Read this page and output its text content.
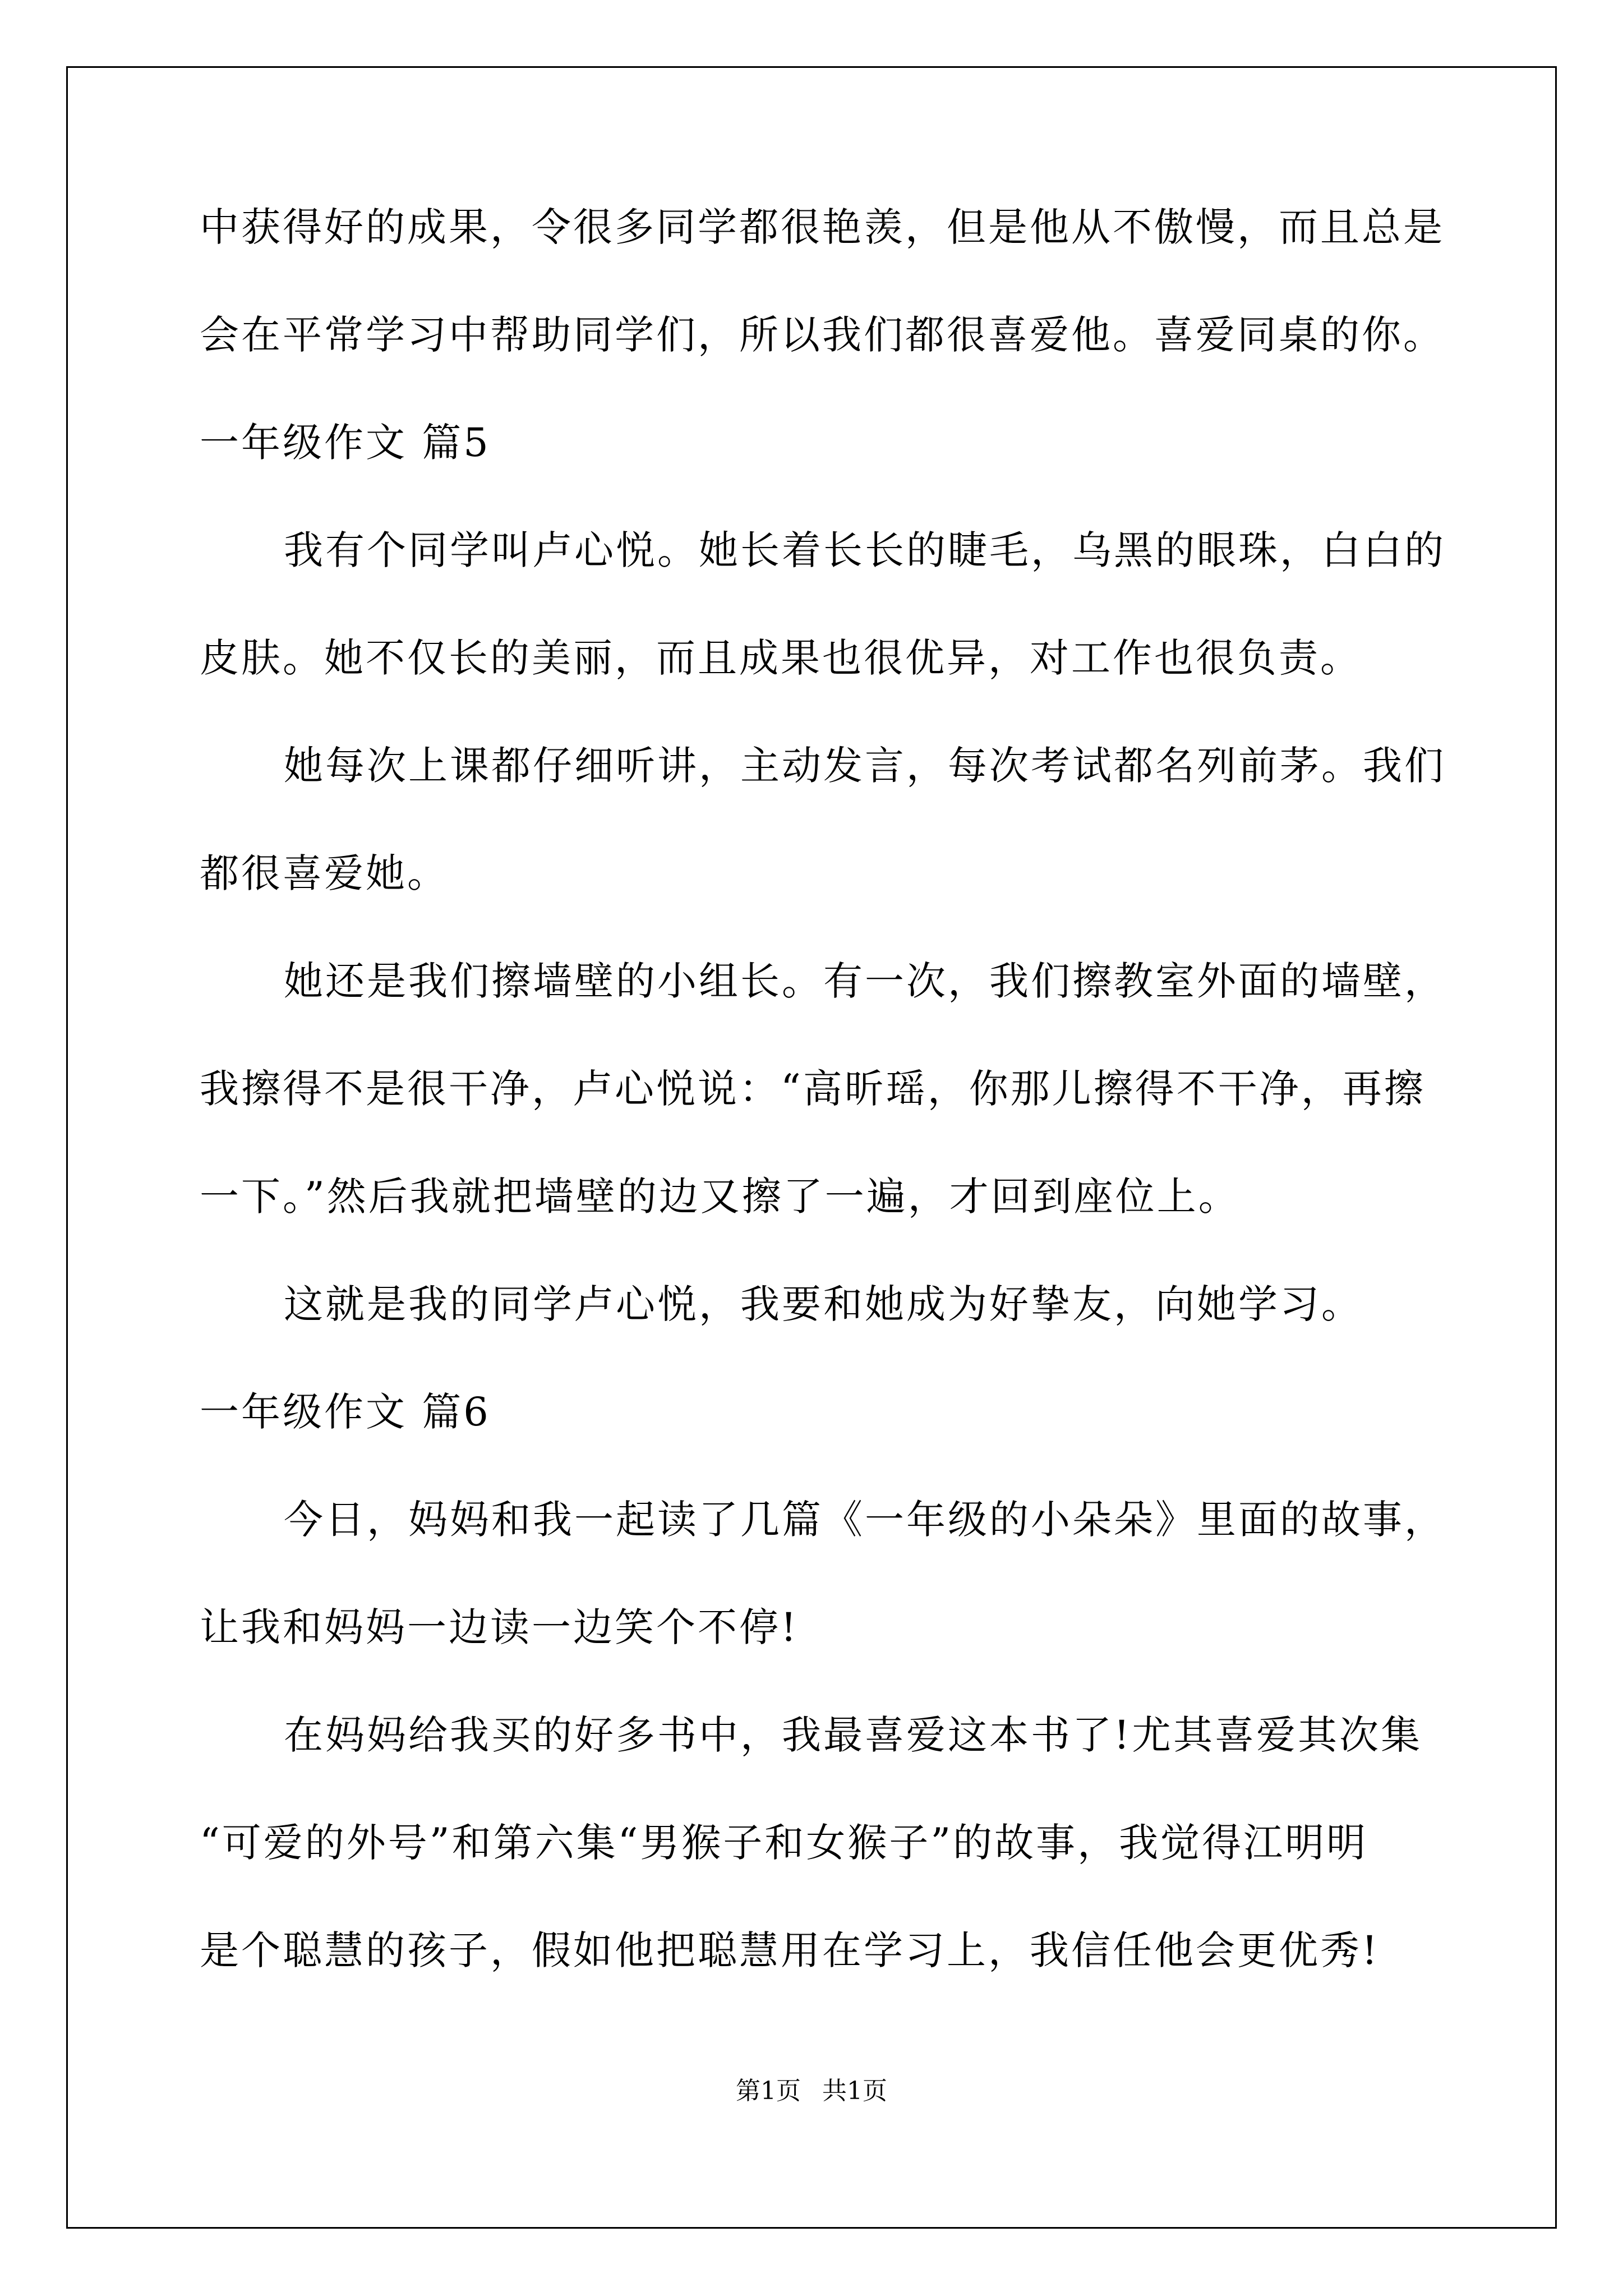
中获得好的成果，令很多同学都很艳羡，但是他从不傲慢，而且总是
会在平常学习中帮助同学们，所以我们都很喜爱他。喜爱同桌的你。
一年级作文 篇5
我有个同学叫卢心悦。她长着长长的睫毛，乌黑的眼珠，白白的
皮肤。她不仅长的美丽，而且成果也很优异，对工作也很负责。
她每次上课都仔细听讲，主动发言，每次考试都名列前茅。我们
都很喜爱她。
她还是我们擦墙壁的小组长。有一次，我们擦教室外面的墙壁，
我擦得不是很干净，卢心悦说：“高昕瑶，你那儿擦得不干净，再擦
一下。”然后我就把墙壁的边又擦了一遍，才回到座位上。
这就是我的同学卢心悦，我要和她成为好挚友，向她学习。
一年级作文 篇6
今日，妈妈和我一起读了几篇《一年级的小朵朵》里面的故事，
让我和妈妈一边读一边笑个不停!
在妈妈给我买的好多书中，我最喜爱这本书了!尤其喜爱其次集
“可爱的外号”和第六集“男猴子和女猴子”的故事，我觉得江明明
是个聪慧的孩子，假如他把聪慧用在学习上，我信任他会更优秀!
第1页 共1页
